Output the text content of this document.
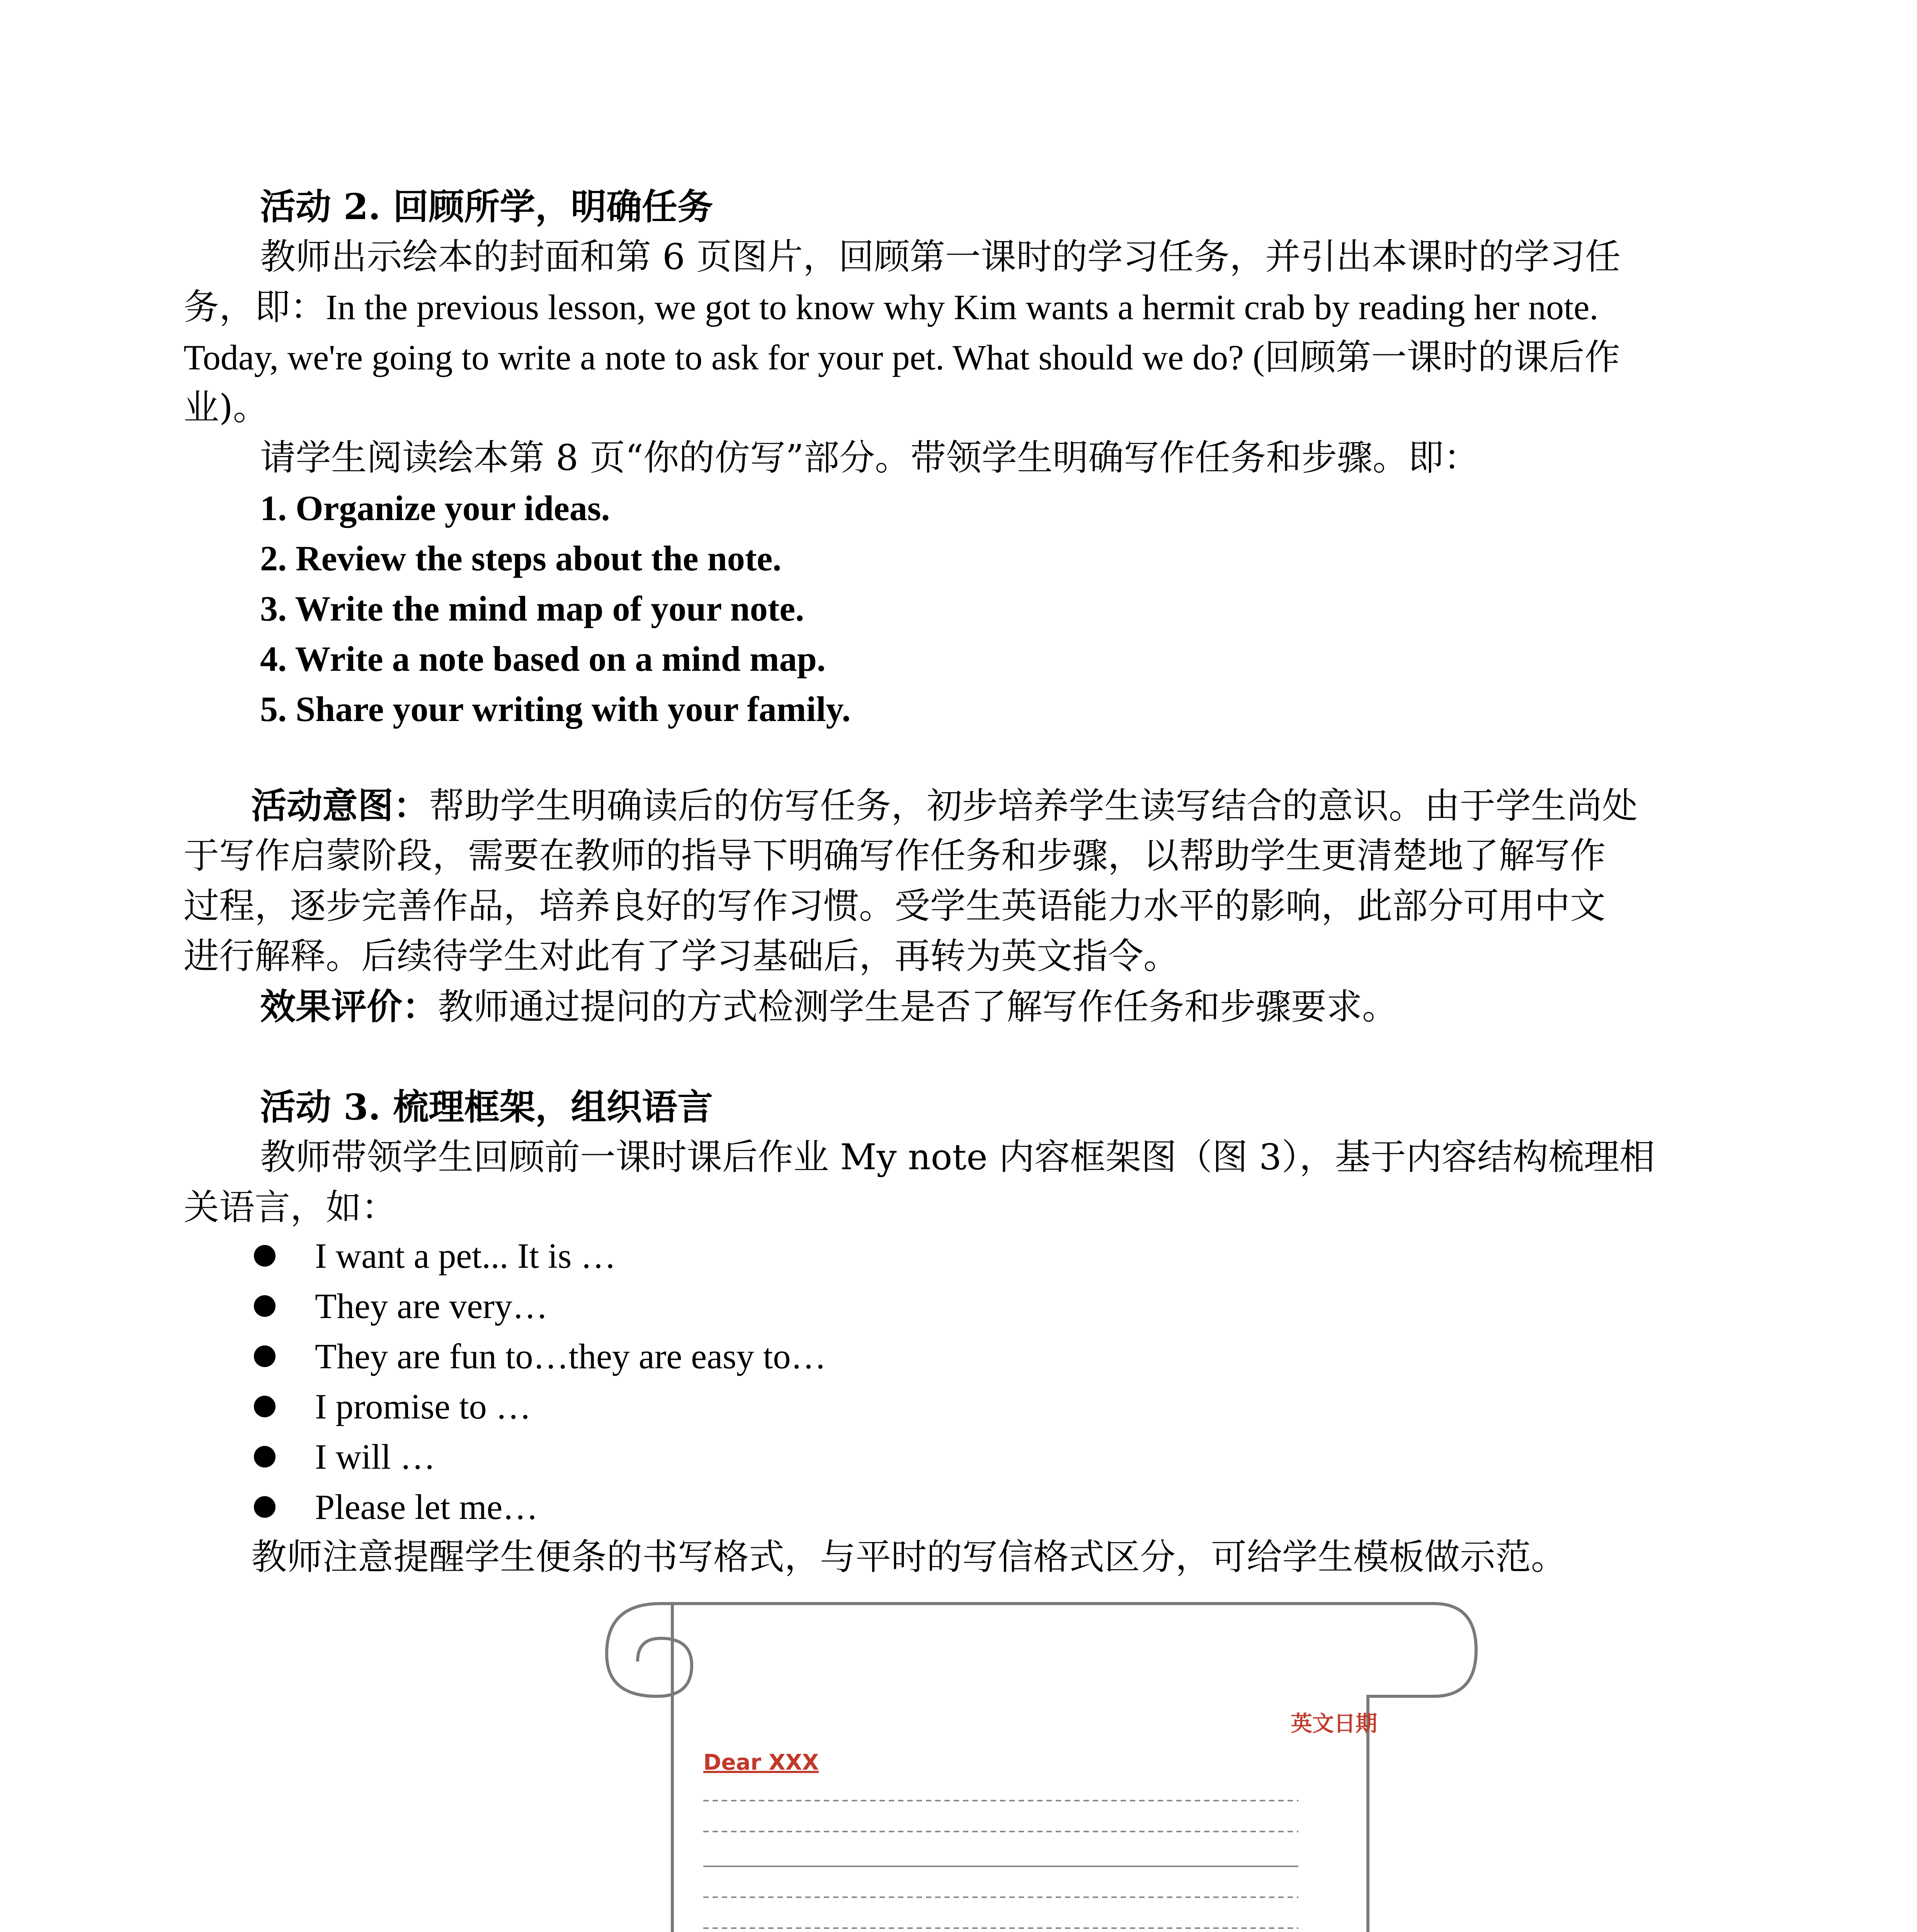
活动 2. 回顾所学，明确任务
教师出示绘本的封面和第 6 页图片，回顾第一课时的学习任务，并引出本课时的学习任
务，即：In the previous lesson, we got to know why Kim wants a hermit crab by reading her note.
Today, we're going to write a note to ask for your pet. What should we do? (回顾第一课时的课后作
业)。
请学生阅读绘本第 8 页“你的仿写”部分。带领学生明确写作任务和步骤。即：
1. Organize your ideas.
2. Review the steps about the note.
3. Write the mind map of your note.
4. Write a note based on a mind map.
5. Share your writing with your family.
活动意图：帮助学生明确读后的仿写任务，初步培养学生读写结合的意识。由于学生尚处
于写作启蒙阶段，需要在教师的指导下明确写作任务和步骤，以帮助学生更清楚地了解写作
过程，逐步完善作品，培养良好的写作习惯。受学生英语能力水平的影响，此部分可用中文
进行解释。后续待学生对此有了学习基础后，再转为英文指令。
效果评价：教师通过提问的方式检测学生是否了解写作任务和步骤要求。
活动 3. 梳理框架，组织语言
教师带领学生回顾前一课时课后作业 My note 内容框架图（图 3），基于内容结构梳理相
关语言，如：
I want a pet... It is …
They are very…
They are fun to…they are easy to…
I promise to …
I will …
Please let me…
教师注意提醒学生便条的书写格式，与平时的写信格式区分，可给学生模板做示范。
英文日期
Dear XXX
